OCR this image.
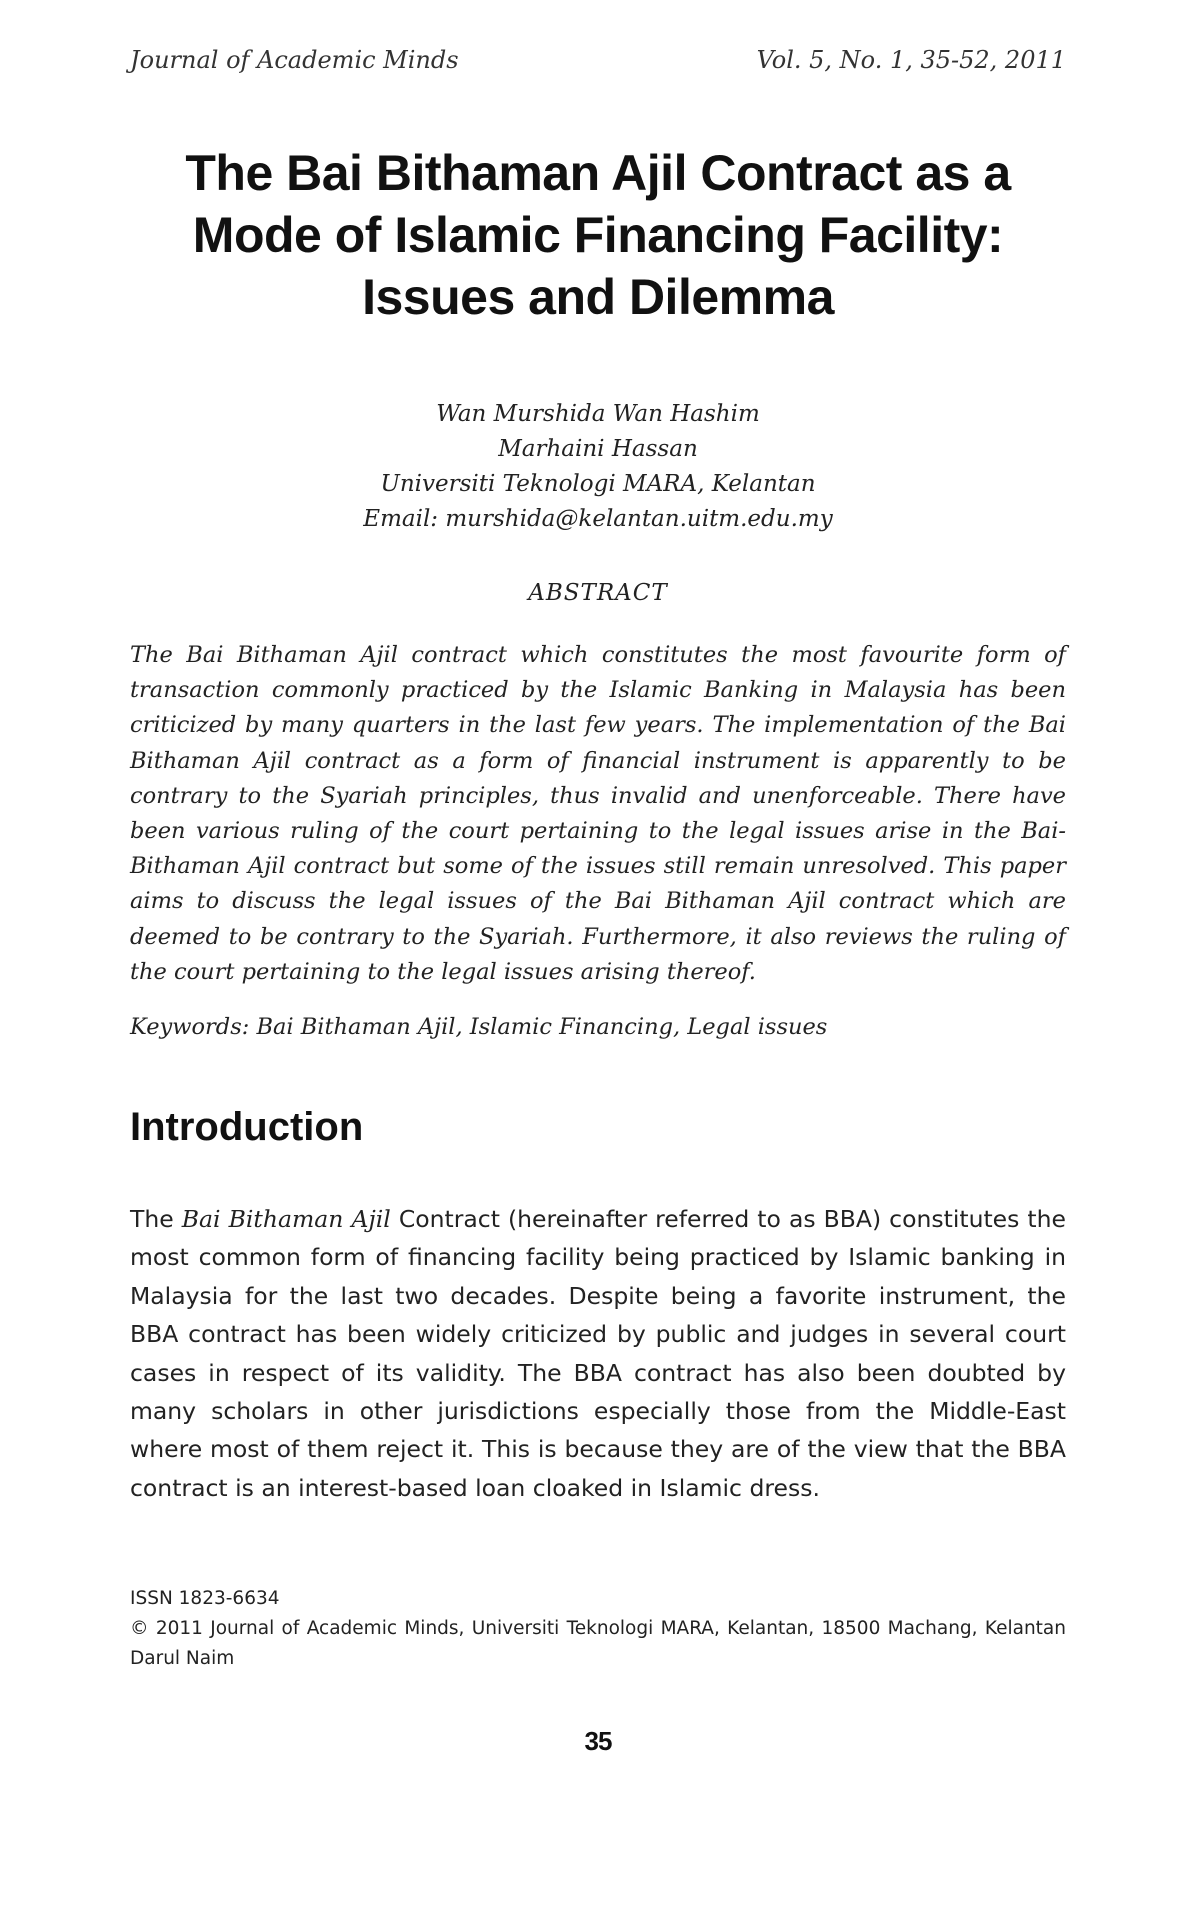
Journal of Academic Minds	Vol. 5, No. 1, 35-52, 2011
The Bai Bithaman Ajil Contract as a
Mode of Islamic Financing Facility:
Issues and Dilemma
Wan Murshida Wan Hashim
Marhaini Hassan
Universiti Teknologi MARA, Kelantan
Email: murshida@kelantan.uitm.edu.my
ABSTRACT
The Bai Bithaman Ajil contract which constitutes the most favourite form of transaction commonly practiced by the Islamic Banking in Malaysia has been criticized by many quarters in the last few years. The implementation of the Bai Bithaman Ajil contract as a form of financial instrument is apparently to be contrary to the Syariah principles, thus invalid and unenforceable. There have been various ruling of the court pertaining to the legal issues arise in the Bai-Bithaman Ajil contract but some of the issues still remain unresolved. This paper aims to discuss the legal issues of the Bai Bithaman Ajil contract which are deemed to be contrary to the Syariah. Furthermore, it also reviews the ruling of the court pertaining to the legal issues arising thereof.
Keywords: Bai Bithaman Ajil, Islamic Financing, Legal issues
Introduction

The Bai Bithaman Ajil Contract (hereinafter referred to as BBA) constitutes the most common form of financing facility being practiced by Islamic banking in Malaysia for the last two decades. Despite being a favorite instrument, the BBA contract has been widely criticized by public and judges in several court cases in respect of its validity. The BBA contract has also been doubted by many scholars in other jurisdictions especially those from the Middle-East where most of them reject it. This is because they are of the view that the BBA contract is an interest-based loan cloaked in Islamic dress.

ISSN 1823-6634
© 2011 Journal of Academic Minds, Universiti Teknologi MARA, Kelantan, 18500 Machang, Kelantan Darul Naim
35
